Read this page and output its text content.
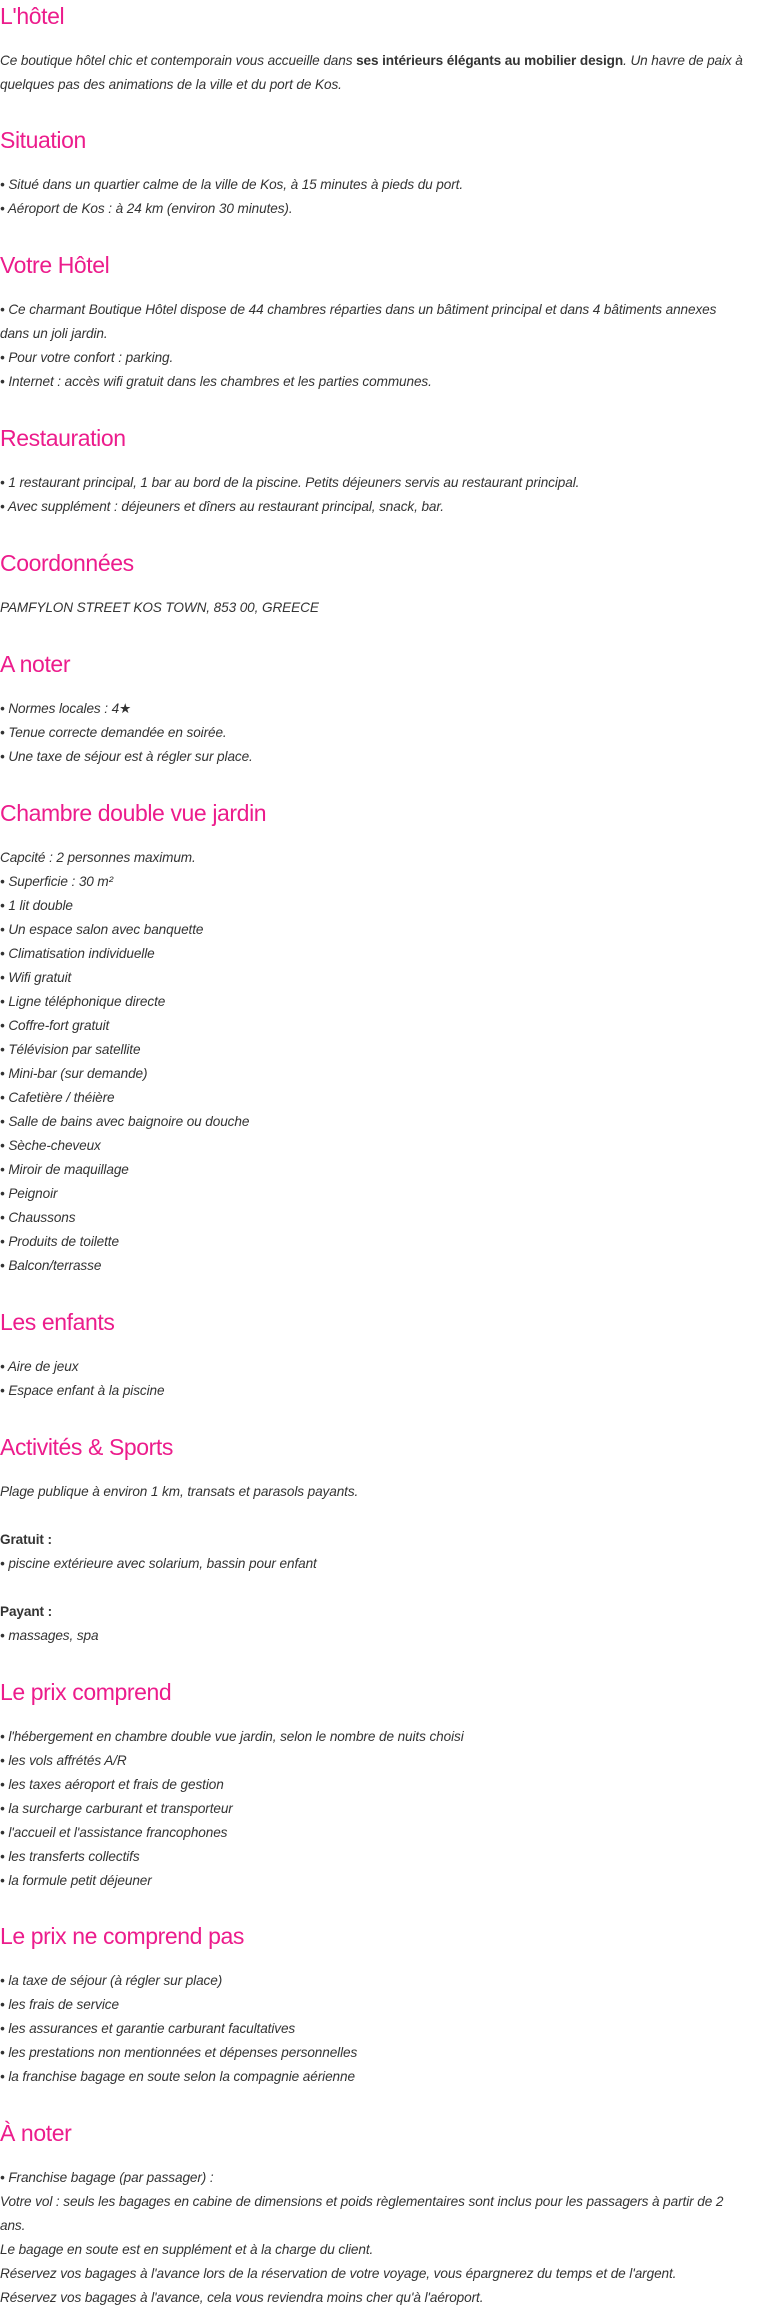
L'hôtel

Ce boutique hôtel chic et contemporain vous accueille dans ses intérieurs élégants au mobilier design. Un havre de paix à quelques pas des animations de la ville et du port de Kos.

Situation
• Situé dans un quartier calme de la ville de Kos, à 15 minutes à pieds du port.
• Aéroport de Kos : à 24 km (environ 30 minutes).
Votre Hôtel
• Ce charmant Boutique Hôtel dispose de 44 chambres réparties dans un bâtiment principal et dans 4 bâtiments annexes dans un joli jardin.
• Pour votre confort : parking.
• Internet : accès wifi gratuit dans les chambres et les parties communes.
Restauration
• 1 restaurant principal, 1 bar au bord de la piscine. Petits déjeuners servis au restaurant principal.
• Avec supplément : déjeuners et dîners au restaurant principal, snack, bar.
Coordonnées
PAMFYLON STREET KOS TOWN, 853 00, GREECE
A noter
• Normes locales : 4★
• Tenue correcte demandée en soirée.
• Une taxe de séjour est à régler sur place.
Chambre double vue jardin
Capcité : 2 personnes maximum.
• Superficie : 30 m²
• 1 lit double
• Un espace salon avec banquette
• Climatisation individuelle
• Wifi gratuit
• Ligne téléphonique directe
• Coffre-fort gratuit
• Télévision par satellite
• Mini-bar (sur demande)
• Cafetière / théière
• Salle de bains avec baignoire ou douche
• Sèche-cheveux
• Miroir de maquillage
• Peignoir
• Chaussons
• Produits de toilette
• Balcon/terrasse
Les enfants
• Aire de jeux
• Espace enfant à la piscine
Activités & Sports
Plage publique à environ 1 km, transats et parasols payants.
Gratuit :
• piscine extérieure avec solarium, bassin pour enfant
Payant :
• massages, spa
Le prix comprend
• l'hébergement en chambre double vue jardin, selon le nombre de nuits choisi
• les vols affrétés A/R
• les taxes aéroport et frais de gestion
• la surcharge carburant et transporteur
• l'accueil et l'assistance francophones
• les transferts collectifs
• la formule petit déjeuner
Le prix ne comprend pas
• la taxe de séjour (à régler sur place)
• les frais de service
• les assurances et garantie carburant facultatives
• les prestations non mentionnées et dépenses personnelles
• la franchise bagage en soute selon la compagnie aérienne
À noter
• Franchise bagage (par passager) :
Votre vol : seuls les bagages en cabine de dimensions et poids règlementaires sont inclus pour les passagers à partir de 2 ans.
Le bagage en soute est en supplément et à la charge du client.
Réservez vos bagages à l'avance lors de la réservation de votre voyage, vous épargnerez du temps et de l'argent.
Réservez vos bagages à l'avance, cela vous reviendra moins cher qu'à l'aéroport.
